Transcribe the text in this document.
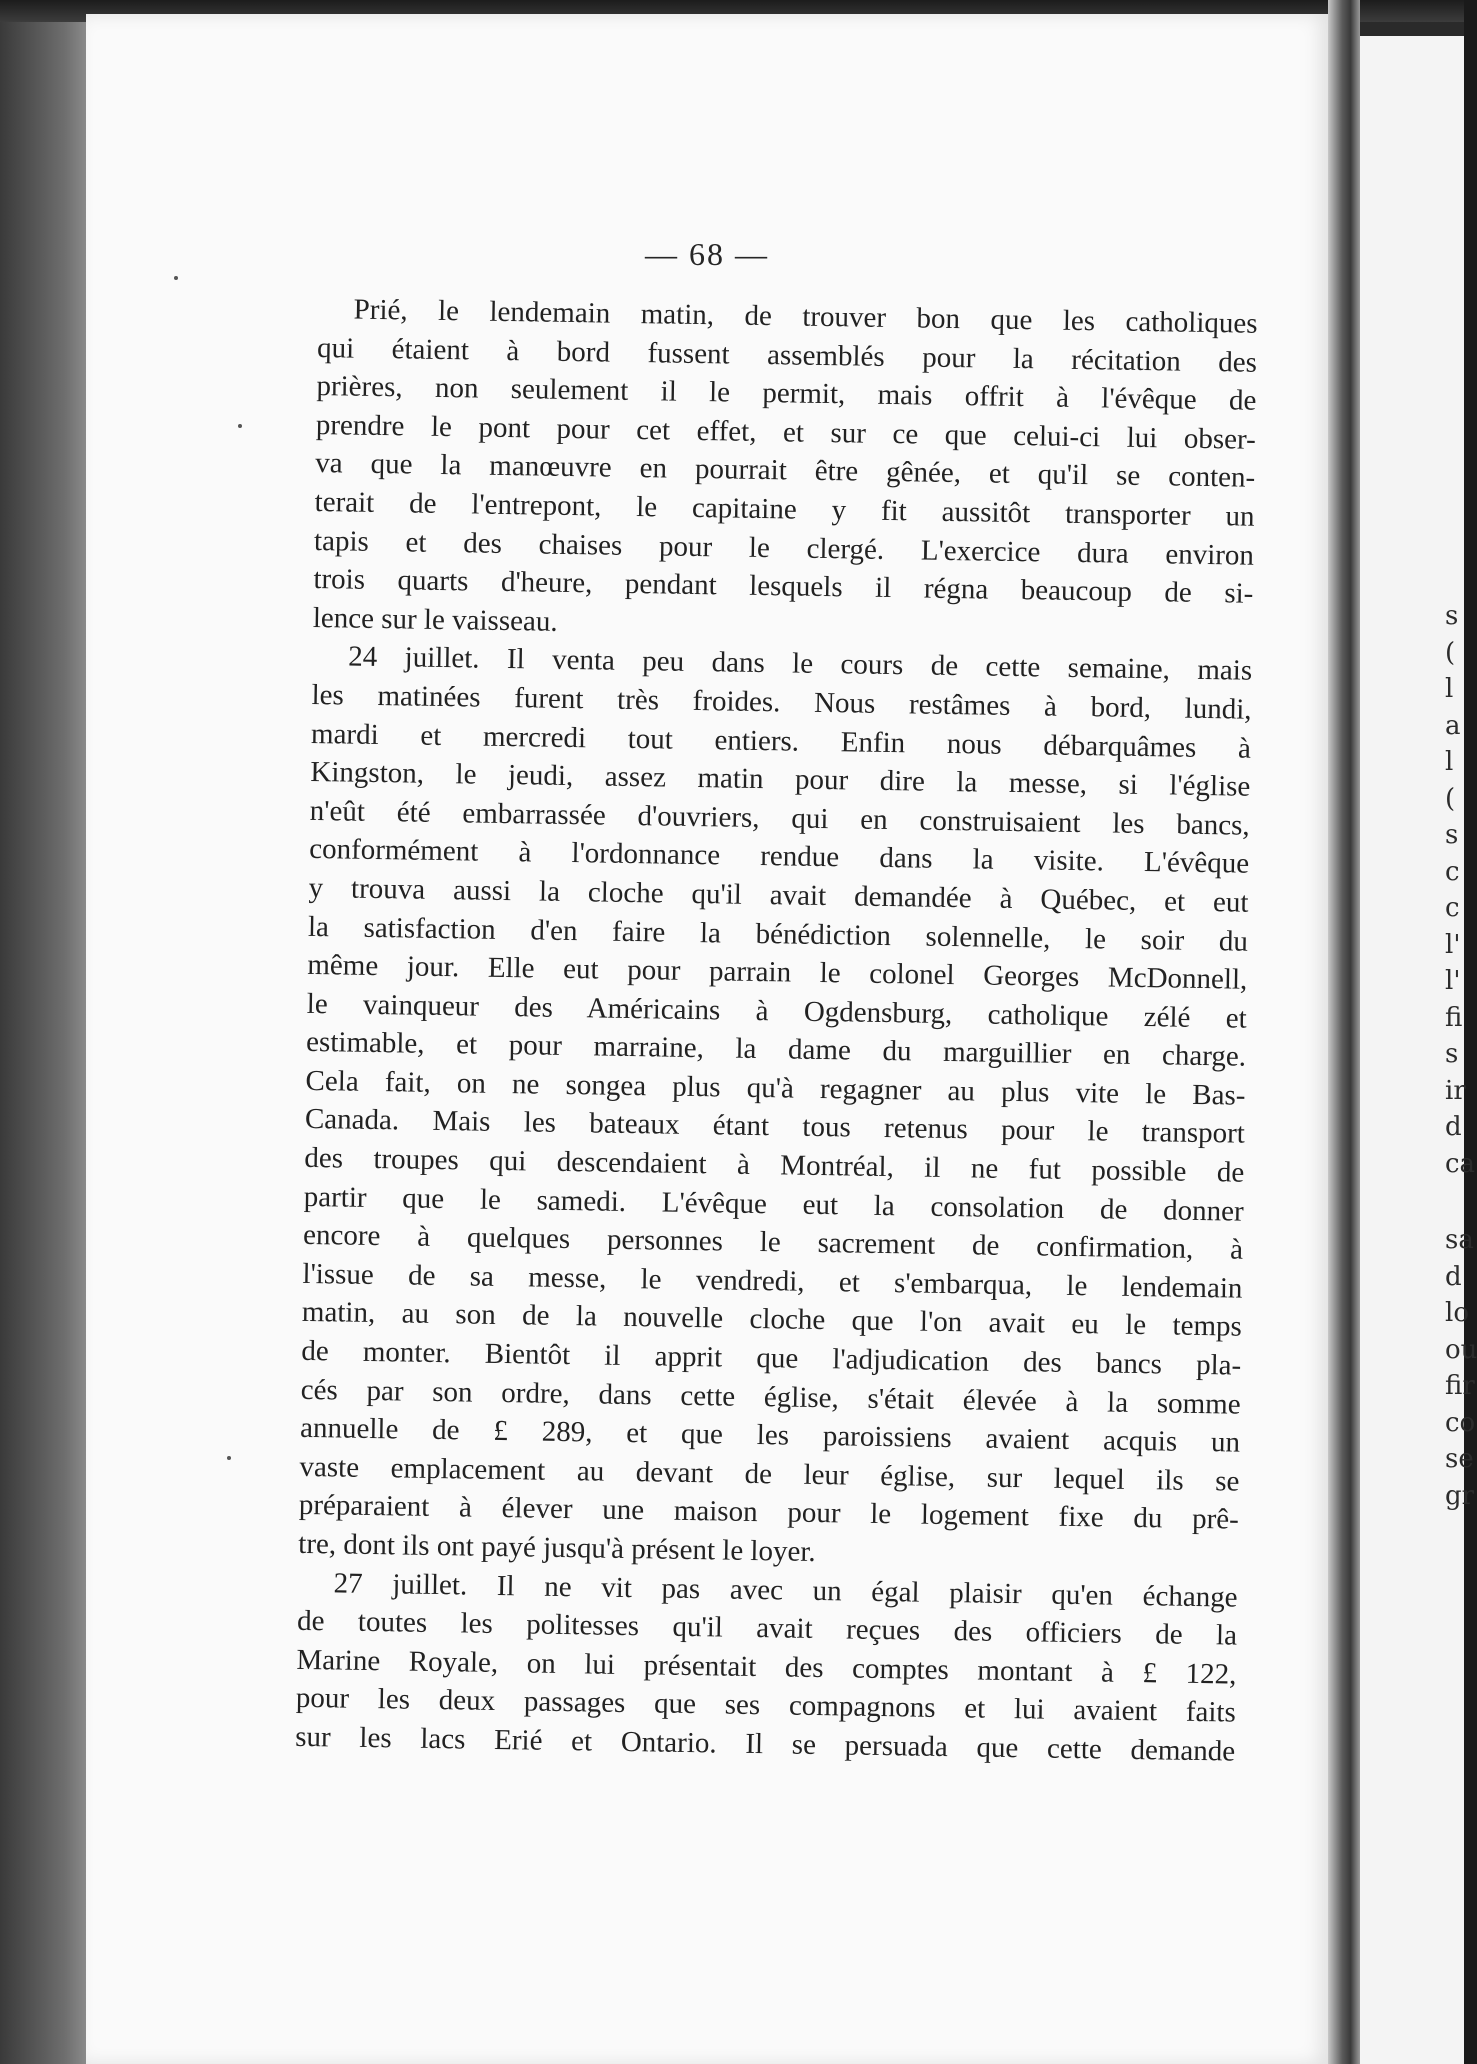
— 68 —
Prié, le lendemain matin, de trouver bon que les catholiques
qui étaient à bord fussent assemblés pour la récitation des
prières, non seulement il le permit, mais offrit à l'évêque de
prendre le pont pour cet effet, et sur ce que celui-ci lui obser-
va que la manœuvre en pourrait être gênée, et qu'il se conten-
terait de l'entrepont, le capitaine y fit aussitôt transporter un
tapis et des chaises pour le clergé. L'exercice dura environ
trois quarts d'heure, pendant lesquels il régna beaucoup de si-
lence sur le vaisseau.
24 juillet. Il venta peu dans le cours de cette semaine, mais
les matinées furent très froides. Nous restâmes à bord, lundi,
mardi et mercredi tout entiers. Enfin nous débarquâmes à
Kingston, le jeudi, assez matin pour dire la messe, si l'église
n'eût été embarrassée d'ouvriers, qui en construisaient les bancs,
conformément à l'ordonnance rendue dans la visite. L'évêque
y trouva aussi la cloche qu'il avait demandée à Québec, et eut
la satisfaction d'en faire la bénédiction solennelle, le soir du
même jour. Elle eut pour parrain le colonel Georges McDonnell,
le vainqueur des Américains à Ogdensburg, catholique zélé et
estimable, et pour marraine, la dame du marguillier en charge.
Cela fait, on ne songea plus qu'à regagner au plus vite le Bas-
Canada. Mais les bateaux étant tous retenus pour le transport
des troupes qui descendaient à Montréal, il ne fut possible de
partir que le samedi. L'évêque eut la consolation de donner
encore à quelques personnes le sacrement de confirmation, à
l'issue de sa messe, le vendredi, et s'embarqua, le lendemain
matin, au son de la nouvelle cloche que l'on avait eu le temps
de monter. Bientôt il apprit que l'adjudication des bancs pla-
cés par son ordre, dans cette église, s'était élevée à la somme
annuelle de £ 289, et que les paroissiens avaient acquis un
vaste emplacement au devant de leur église, sur lequel ils se
préparaient à élever une maison pour le logement fixe du prê-
tre, dont ils ont payé jusqu'à présent le loyer.
27 juillet. Il ne vit pas avec un égal plaisir qu'en échange
de toutes les politesses qu'il avait reçues des officiers de la
Marine Royale, on lui présentait des comptes montant à £ 122,
pour les deux passages que ses compagnons et lui avaient faits
sur les lacs Erié et Ontario. Il se persuada que cette demande
s
(
l
a
l
(
s
c
c
l'
l'
fi
s
ir
d
ca
sa
d
lo
ou
fir
co
se
gr
